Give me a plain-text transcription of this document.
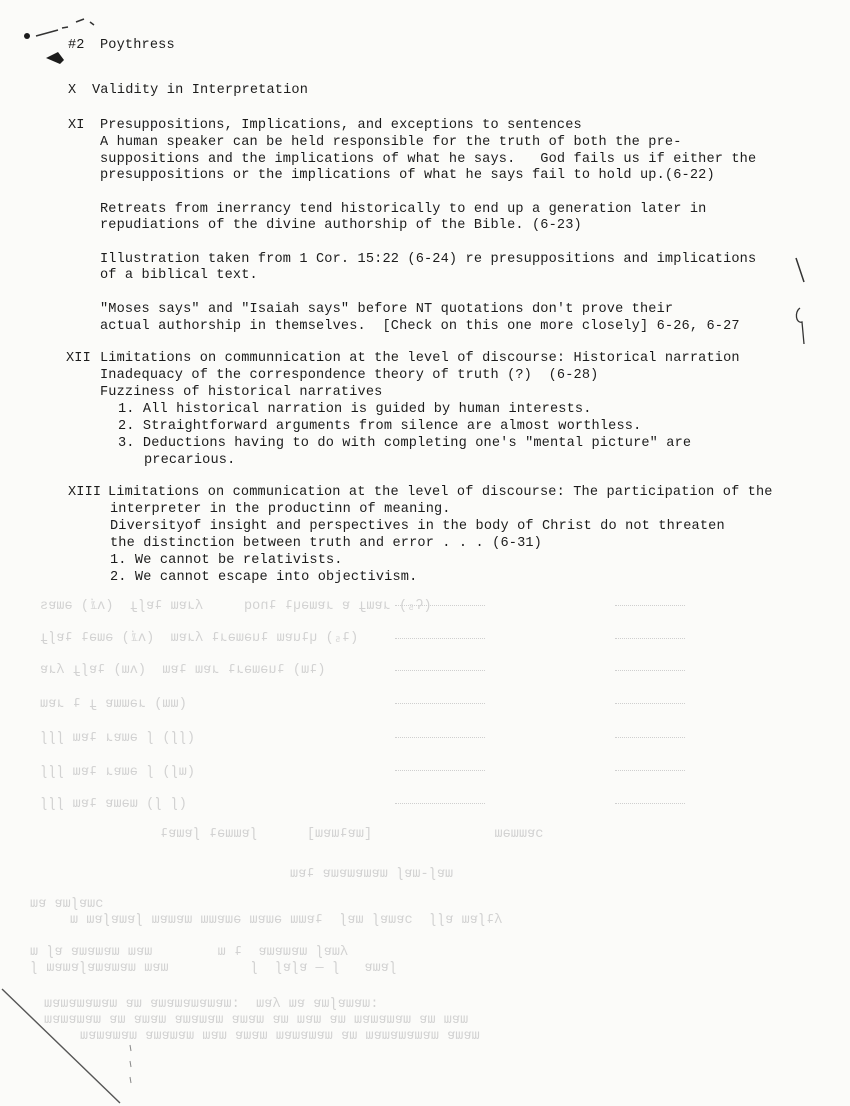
(ʕ₅) ɹɐɯɟ ɐ ɹɐɯǝɥʇ ʇnoq     ʎɹɐɯ ʇɐʃɟ  (ʌⅈ) ǝɯɐs
(ʇ₅) ɥʇuɐɯ ʇuǝɯǝɹʇ ʎɹɐɯ  (ʌⅈ) ǝɯǝʇ ʇɐʃɟ
(ʇɯ) ʇuǝɯǝɹʇ ɹɐɯ ʇɐɯ  (ʌɯ) ʇɐʃɟ ʎɹɐ
(ɯɯ) ɹǝɯɯɐ ɟ ʇ ɹɐɯ
(ʃʃ) ʃ ǝɯɐɹ ʇɐɯ ʃʃʃ
(ɯʃ) ʃ ǝɯɐɹ ʇɐɯ ʃʃʃ
(ʃ ʃ) ɯǝɯɐ ʇɐɯ ʃʃʃ
ɔɐɯɯǝɯ               [ɯɐʇɯɐɯ]      ʃɐɯɯǝʇ ʃɐɯɐʇ
ɯɐʃ-ɯɐʃ ɯɐɯɐɯɐɯɐ ʇɐɯ
ɔɯɐʃɯɐ ɐɯ
ʎʇʃɐɯ ɐʃʃ  ɔɐɯɐʃ ɯɐʃ  ʇɐɯɯ ǝɯɐɯ ǝɯɐɯɯ ɯɐɯɐɯ ʃɐɯɐʃɐɯ ɯ
ʎɯɐʃ ɯɐɯɐɯɐ  ʇ ɯ        ɯɐɯ ɯɐɯɐɯɐ ɐʃ ɯ
ʃɐɯɐ   ʃ — ɐʃɐʃ  ʃ          ɯɐɯ ɯɐɯɐɯɐʃɐɯɐɯ ʃ
:ɯɐɯɐʃɯɐ ɐɯ ʎɐɯ  :ɯɐɯɐɯɐɯɐɯɐ ɯɐ ɯɐɯɐɯɐɯɐɯ
ɯɐɯ ɯɐ ɯɐɯɐɯɐɯ ɯɐ ɯɐɯ ɯɐ ɯɐɯɐ ɯɐɯɐɯɐ ɯɐɯɐ ɯɐ ɯɐɯɐɯɐɯ
ɯɐɯɐ ɯɐɯɐɯɐɯɐɯ ɯɐ ɯɐɯɐɯɐɯ ɯɐɯɐ ɯɐɯ ɯɐɯɐɯɐ ɯɐɯɐɯɐɯ
#2 Poythress
X Validity in Interpretation
XI Presuppositions, Implications, and exceptions to sentences
A human speaker can be held responsible for the truth of both the pre-
suppositions and the implications of what he says.   God fails us if either the
presuppositions or the implications of what he says fail to hold up.(6-22)
Retreats from inerrancy tend historically to end up a generation later in
repudiations of the divine authorship of the Bible. (6-23)
Illustration taken from 1 Cor. 15:22 (6-24) re presuppositions and implications
of a biblical text.
"Moses says" and "Isaiah says" before NT quotations don't prove their
actual authorship in themselves.  [Check on this one more closely] 6-26, 6-27
XII Limitations on communnication at the level of discourse: Historical narration
Inadequacy of the correspondence theory of truth (?)  (6-28)
Fuzziness of historical narratives
1. All historical narration is guided by human interests.
2. Straightforward arguments from silence are almost worthless.
3. Deductions having to do with completing one's "mental picture" are
precarious.
XIII Limitations on communication at the level of discourse: The participation of the
interpreter in the productinn of meaning.
Diversityof insight and perspectives in the body of Christ do not threaten
the distinction between truth and error . . . (6-31)
1. We cannot be relativists.
2. We cannot escape into objectivism.
